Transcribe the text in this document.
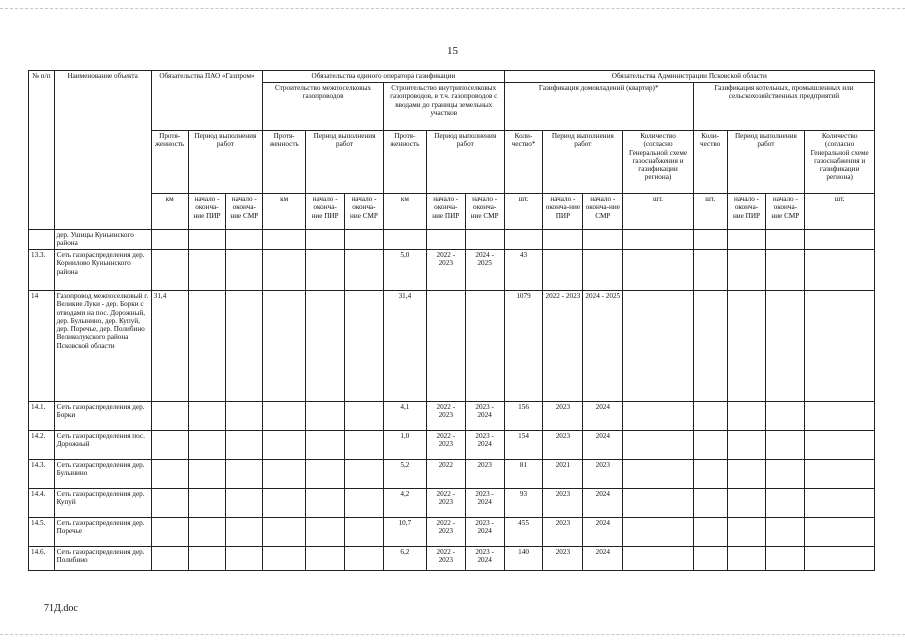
15
№ п/п	Наименование объекта	Обязательства ПАО «Газпром»			Обязательства единого оператора газификации						Обязательства Администрации Псковской области							
					Строительство межпоселковых газопроводов			Строительство внутрипоселковых газопроводов, в т.ч. газопроводов с вводами до границы земельных участков			Газификация домовладений (квартир)*				Газификация котельных, промышленных или сельскохозяйственных предприятий			
		Протя-женность	Период выполнения работ		Протя-женность	Период выполнения работ		Протя-женность	Период выполнения работ		Коли-чество*	Период выполнения работ		Количество (согласно Генеральной схеме газоснабжения и газификации региона)	Коли-чество	Период выполнения работ		Количество (согласно Генеральной схеме газоснабжения и газификации региона)
		км	начало - оконча-ние ПИР	начало - оконча-ние СМР	км	начало - оконча-ние ПИР	начало - оконча-ние СМР	км	начало - оконча-ние ПИР	начало - оконча-ние СМР	шт.	начало - оконча-ние ПИР	начало - оконча-ние СМР	шт.	шт.	начало - оконча-ние ПИР	начало - оконча-ние СМР	шт.
	дер. Ушицы Куньинского района																	
13.3.	Сеть газораспределения дер. Корнилово Куньинского района							5,0	2022 - 2023	2024 - 2025	43							
14	Газопровод межпоселковый г. Великие Луки - дер. Борки с отводами на пос. Дорожный, дер. Булынино, дер. Купуй, дер. Поречье, дер. Полибино Великолукского района Псковской области	31,4						31,4			1079	2022 - 2023	2024 - 2025					
14.1.	Сеть газораспределения дер. Борки							4,1	2022 - 2023	2023 - 2024	156	2023	2024					
14.2.	Сеть газораспределения пос. Дорожный							1,0	2022 - 2023	2023 - 2024	154	2023	2024					
14.3.	Сеть газораспределения дер. Булынино							5,2	2022	2023	81	2021	2023					
14.4.	Сеть газораспределения дер. Купуй							4,2	2022 - 2023	2023 - 2024	93	2023	2024					
14.5.	Сеть газораспределения дер. Поречье							10,7	2022 - 2023	2023 - 2024	455	2023	2024					
14.6.	Сеть газораспределения дер. Полибино							6,2	2022 - 2023	2023 - 2024	140	2023	2024					
71Д.doc
